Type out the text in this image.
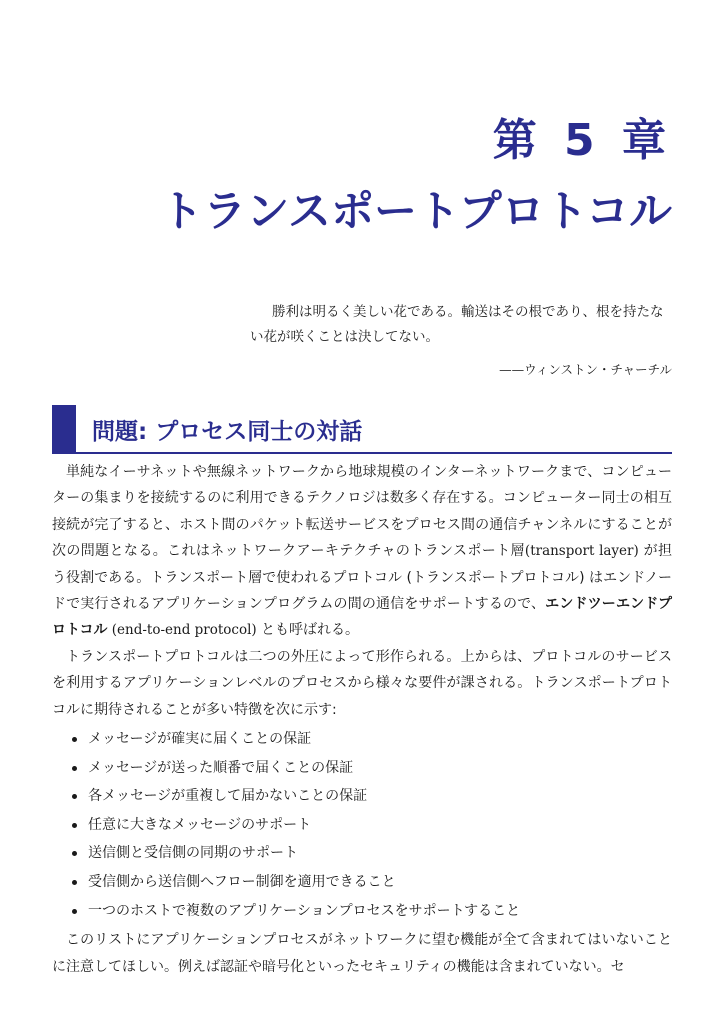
第 5 章
トランスポートプロトコル

勝利は明るく美しい花である。輸送はその根であり、根を持たない花が咲くことは決してない。

——ウィンストン・チャーチル
問題: プロセス同士の対話

単純なイーサネットや無線ネットワークから地球規模のインターネットワークまで、コンピューターの集まりを接続するのに利用できるテクノロジは数多く存在する。コンピューター同士の相互接続が完了すると、ホスト間のパケット転送サービスをプロセス間の通信チャンネルにすることが次の問題となる。これはネットワークアーキテクチャのトランスポート層(transport layer) が担う役割である。トランスポート層で使われるプロトコル (トランスポートプロトコル) はエンドノードで実行されるアプリケーションプログラムの間の通信をサポートするので、エンドツーエンドプロトコル (end-to-end protocol) とも呼ばれる。

トランスポートプロトコルは二つの外圧によって形作られる。上からは、プロトコルのサービスを利用するアプリケーションレベルのプロセスから様々な要件が課される。トランスポートプロトコルに期待されることが多い特徴を次に示す:

メッセージが確実に届くことの保証
メッセージが送った順番で届くことの保証
各メッセージが重複して届かないことの保証
任意に大きなメッセージのサポート
送信側と受信側の同期のサポート
受信側から送信側へフロー制御を適用できること
一つのホストで複数のアプリケーションプロセスをサポートすること

このリストにアプリケーションプロセスがネットワークに望む機能が全て含まれてはいないことに注意してほしい。例えば認証や暗号化といったセキュリティの機能は含まれていない。セ
